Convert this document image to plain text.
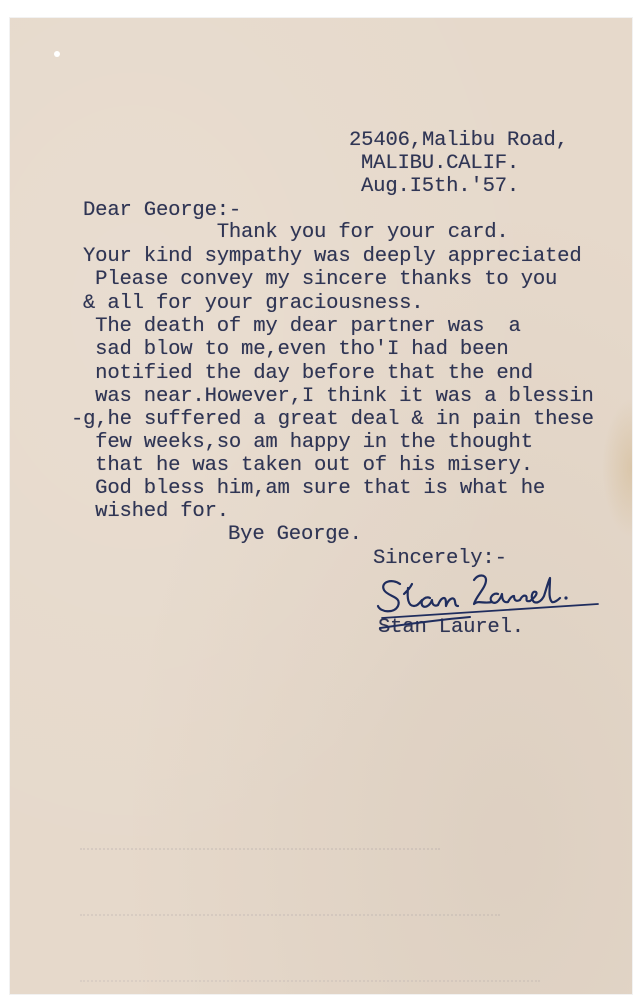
25406,Malibu Road,
MALIBU.CALIF.
Aug.I5th.'57.
Dear George:-
Thank you for your card.
Your kind sympathy was deeply appreciated
Please convey my sincere thanks to you
& all for your graciousness.
The death of my dear partner was  a
sad blow to me,even tho'I had been
notified the day before that the end
was near.However,I think it was a blessin
-g,he suffered a great deal & in pain these
few weeks,so am happy in the thought
that he was taken out of his misery.
God bless him,am sure that is what he
wished for.
Bye George.
Sincerely:-
Stan Laurel.
